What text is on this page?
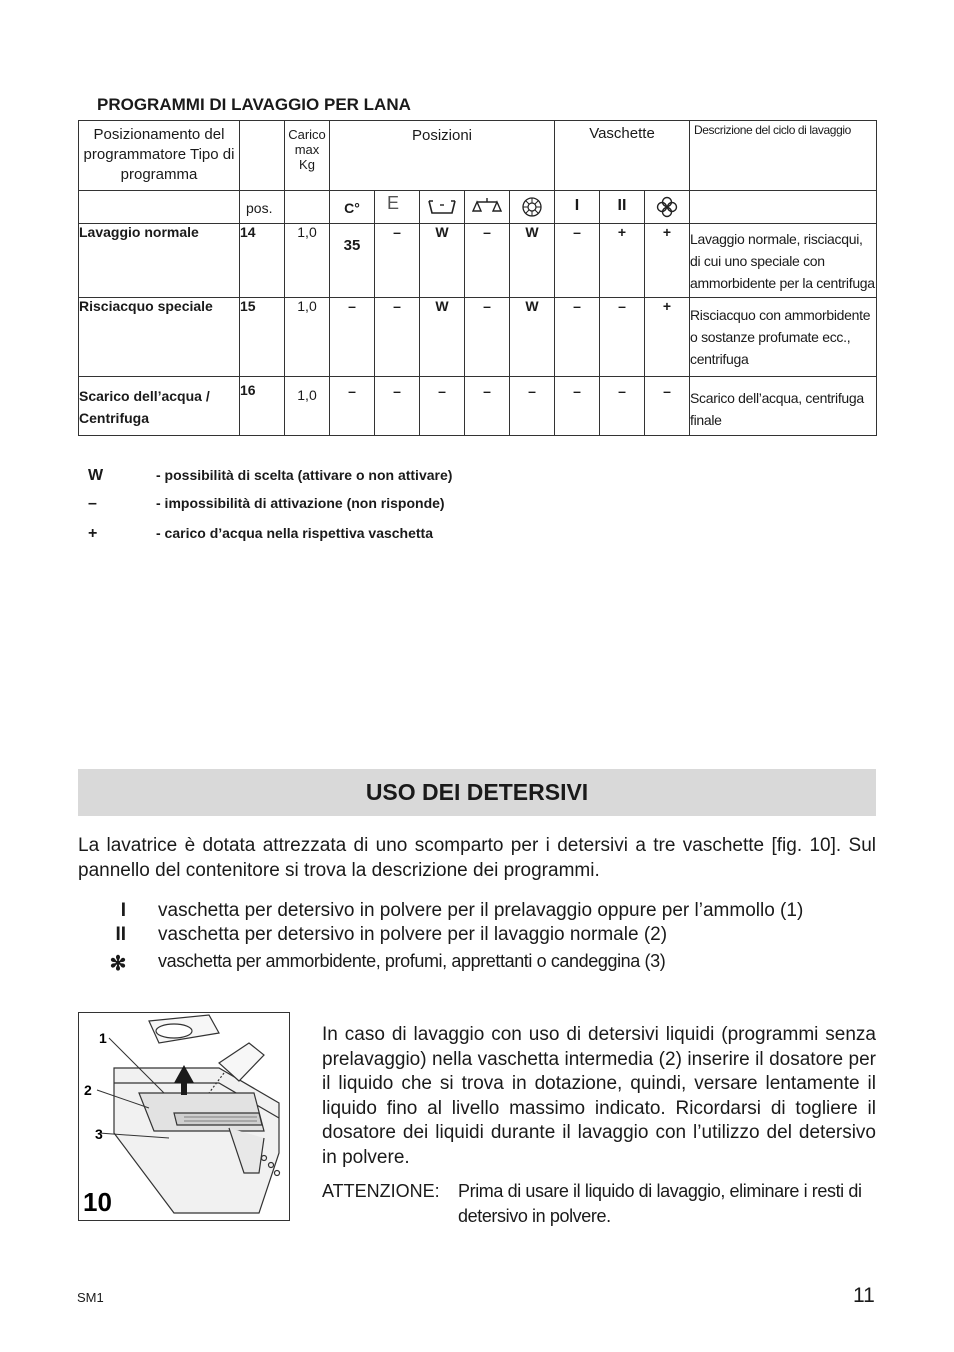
PROGRAMMI DI LAVAGGIO PER LANA
Posizionamento del programmatore Tipo di programma		Carico max Kg	Posizioni					Vaschette			Descrizione del ciclo di lavaggio
	pos.		C°	E				I	II		
Lavaggio normale	14	1,0	35	–	W	–	W	–	+	+	Lavaggio normale, risciacqui, di cui uno speciale con ammorbidente per la centrifuga
Risciacquo speciale	15	1,0	–	–	W	–	W	–	–	+	Risciacquo con ammorbidente o sostanze profumate ecc., centrifuga
Scarico dell’acqua / Centrifuga	16	1,0	–	–	–	–	–	–	–	–	Scarico dell’acqua, centrifuga finale
W	- possibilità di scelta (attivare o non attivare)
–	- impossibilità di attivazione (non risponde)
+	- carico d’acqua nella rispettiva vaschetta
USO DEI DETERSIVI
La lavatrice è dotata attrezzata di uno scomparto per i detersivi a tre vaschette [fig. 10]. Sul pannello del contenitore si trova la descrizione dei programmi.
I vaschetta per detersivo in polvere per il prelavaggio oppure per l’ammollo (1)
II vaschetta per detersivo in polvere per il lavaggio normale (2)
✻ vaschetta per ammorbidente, profumi, apprettanti o candeggina (3)
1
2
3
10
In caso di lavaggio con uso di detersivi liquidi (programmi senza prelavaggio) nella vaschetta intermedia (2) inserire il dosatore per il liquido che si trova in dotazione, quindi, versare lentamente il liquido fino al livello massimo indicato. Ricordarsi di togliere il dosatore dei liquidi durante il lavaggio con l’utilizzo del detersivo in polvere.
ATTENZIONE: Prima di usare il liquido di lavaggio, eliminare i resti di detersivo in polvere.
SM1	11
